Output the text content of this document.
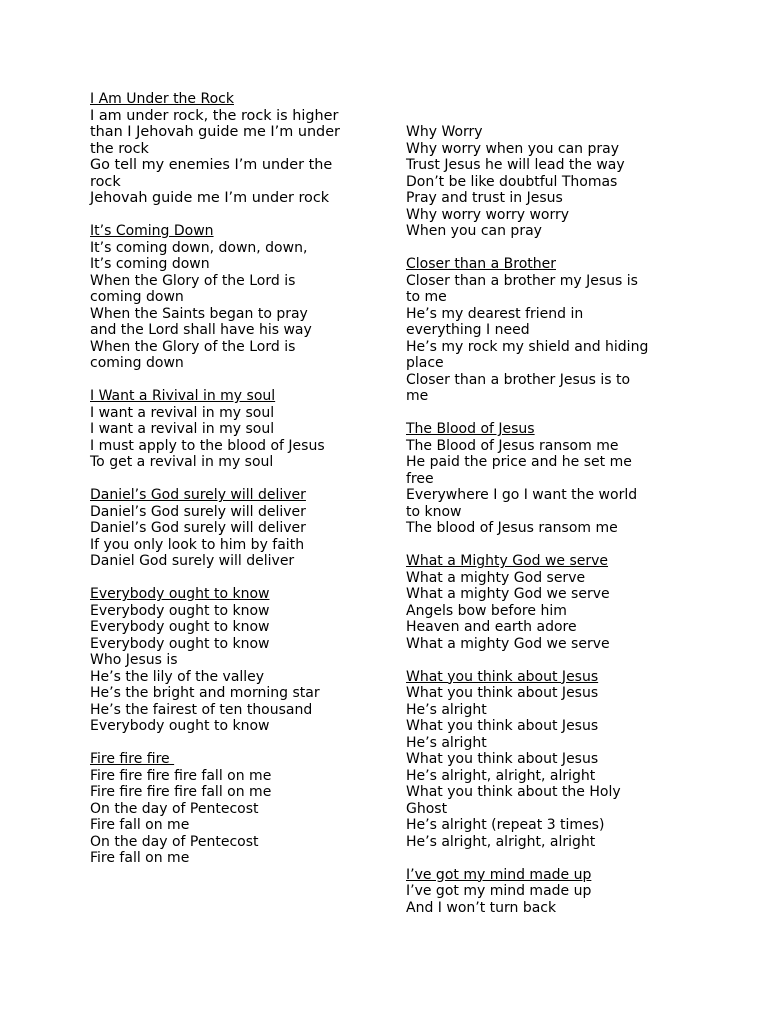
I Am Under the Rock
I am under rock, the rock is higher
than I Jehovah guide me I’m under
the rock
Go tell my enemies I’m under the
rock
Jehovah guide me I’m under rock
It’s Coming Down
It’s coming down, down, down,
It’s coming down
When the Glory of the Lord is
coming down
When the Saints began to pray
and the Lord shall have his way
When the Glory of the Lord is
coming down
I Want a Rivival in my soul
I want a revival in my soul
I want a revival in my soul
I must apply to the blood of Jesus
To get a revival in my soul
Daniel’s God surely will deliver
Daniel’s God surely will deliver
Daniel’s God surely will deliver
If you only look to him by faith
Daniel God surely will deliver
Everybody ought to know
Everybody ought to know
Everybody ought to know
Everybody ought to know
Who Jesus is
He’s the lily of the valley
He’s the bright and morning star
He’s the fairest of ten thousand
Everybody ought to know
Fire fire fire
Fire fire fire fire fall on me
Fire fire fire fire fall on me
On the day of Pentecost
Fire fall on me
On the day of Pentecost
Fire fall on me
Why Worry
Why worry when you can pray
Trust Jesus he will lead the way
Don’t be like doubtful Thomas
Pray and trust in Jesus
Why worry worry worry
When you can pray
Closer than a Brother
Closer than a brother my Jesus is
to me
He’s my dearest friend in
everything I need
He’s my rock my shield and hiding
place
Closer than a brother Jesus is to
me
The Blood of Jesus
The Blood of Jesus ransom me
He paid the price and he set me
free
Everywhere I go I want the world
to know
The blood of Jesus ransom me
What a Mighty God we serve
What a mighty God serve
What a mighty God we serve
Angels bow before him
Heaven and earth adore
What a mighty God we serve
What you think about Jesus
What you think about Jesus
He’s alright
What you think about Jesus
He’s alright
What you think about Jesus
He’s alright, alright, alright
What you think about the Holy
Ghost
He’s alright (repeat 3 times)
He’s alright, alright, alright
I’ve got my mind made up
I’ve got my mind made up
And I won’t turn back
